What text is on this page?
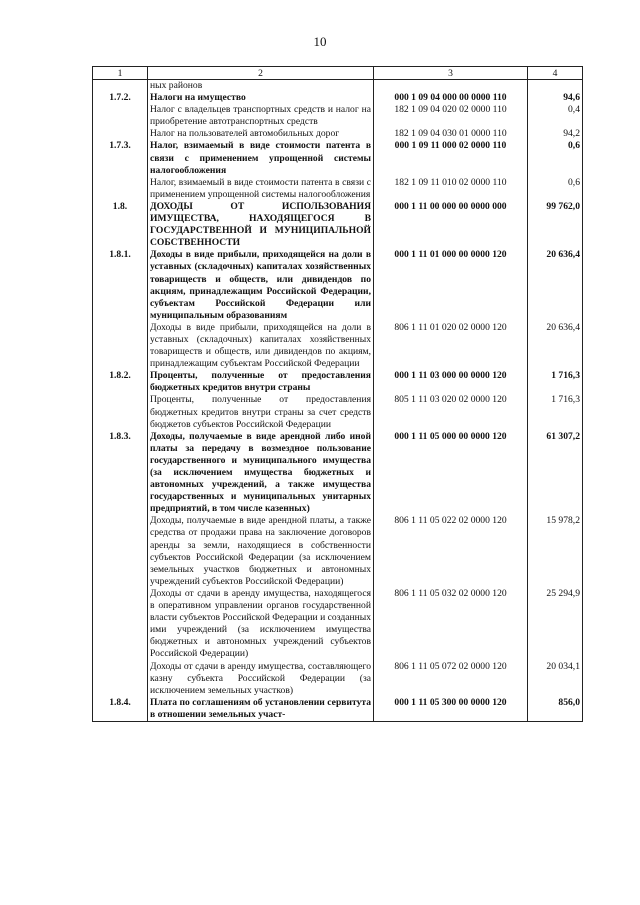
10
1	2	3	4
	ных районов		
1.7.2.	Налоги на имущество	000 1 09 04 000 00 0000 110	94,6
	Налог с владельцев транспортных средств и налог на приобретение автотранспортных средств	182 1 09 04 020 02 0000 110	0,4
	Налог на пользователей автомобильных дорог	182 1 09 04 030 01 0000 110	94,2
1.7.3.	Налог, взимаемый в виде стоимости патента в связи с применением упрощенной системы налогообложения	000 1 09 11 000 02 0000 110	0,6
	Налог, взимаемый в виде стоимости патента в связи с применением упрощенной системы налогообложения	182 1 09 11 010 02 0000 110	0,6
1.8.	ДОХОДЫ ОТ ИСПОЛЬЗОВАНИЯ ИМУЩЕСТВА, НАХОДЯЩЕГОСЯ В ГОСУДАРСТВЕННОЙ И МУНИЦИПАЛЬНОЙ СОБСТВЕННОСТИ	000 1 11 00 000 00 0000 000	99 762,0
1.8.1.	Доходы в виде прибыли, приходящейся на доли в уставных (складочных) капиталах хозяйственных товариществ и обществ, или дивидендов по акциям, принадлежащим Российской Федерации, субъектам Российской Федерации или муниципальным образованиям	000 1 11 01 000 00 0000 120	20 636,4
	Доходы в виде прибыли, приходящейся на доли в уставных (складочных) капиталах хозяйственных товариществ и обществ, или дивидендов по акциям, принадлежащим субъектам Российской Федерации	806 1 11 01 020 02 0000 120	20 636,4
1.8.2.	Проценты, полученные от предоставления бюджетных кредитов внутри страны	000 1 11 03 000 00 0000 120	1 716,3
	Проценты, полученные от предоставления бюджетных кредитов внутри страны за счет средств бюджетов субъектов Российской Федерации	805 1 11 03 020 02 0000 120	1 716,3
1.8.3.	Доходы, получаемые в виде арендной либо иной платы за передачу в возмездное пользование государственного и муниципального имущества (за исключением имущества бюджетных и автономных учреждений, а также имущества государственных и муниципальных унитарных предприятий, в том числе казенных)	000 1 11 05 000 00 0000 120	61 307,2
	Доходы, получаемые в виде арендной платы, а также средства от продажи права на заключение договоров аренды за земли, находящиеся в собственности субъектов Российской Федерации (за исключением земельных участков бюджетных и автономных учреждений субъектов Российской Федерации)	806 1 11 05 022 02 0000 120	15 978,2
	Доходы от сдачи в аренду имущества, находящегося в оперативном управлении органов государственной власти субъектов Российской Федерации и созданных ими учреждений (за исключением имущества бюджетных и автономных учреждений субъектов Российской Федерации)	806 1 11 05 032 02 0000 120	25 294,9
	Доходы от сдачи в аренду имущества, составляющего казну субъекта Российской Федерации (за исключением земельных участков)	806 1 11 05 072 02 0000 120	20 034,1
1.8.4.	Плата по соглашениям об установлении сервитута в отношении земельных участ-	000 1 11 05 300 00 0000 120	856,0
